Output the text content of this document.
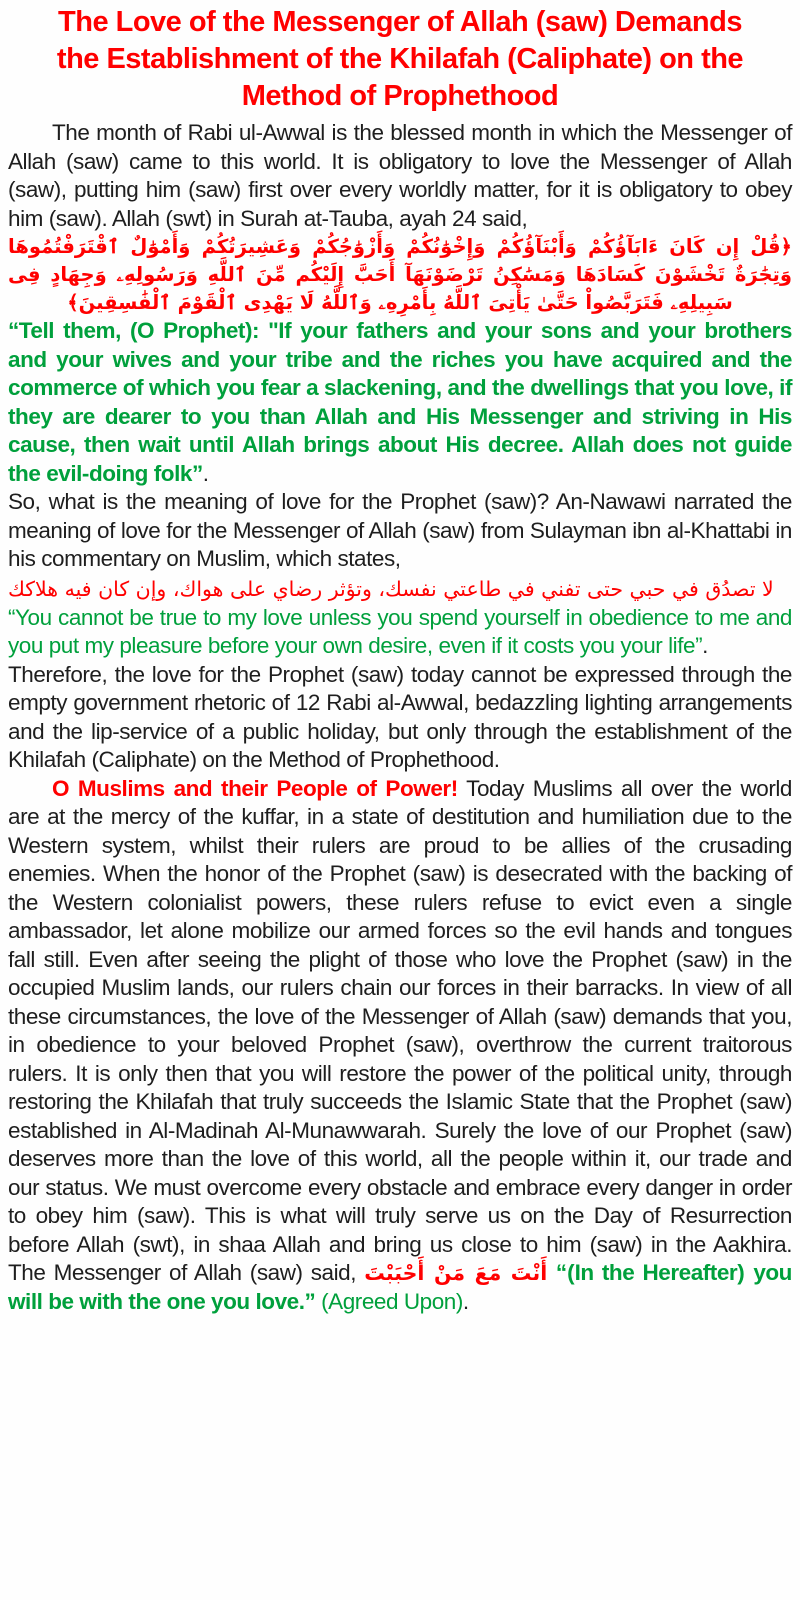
The Love of the Messenger of Allah (saw) Demands the Establishment of the Khilafah (Caliphate) on the Method of Prophethood

The month of Rabi ul-Awwal is the blessed month in which the Messenger of Allah (saw) came to this world. It is obligatory to love the Messenger of Allah (saw), putting him (saw) first over every worldly matter, for it is obligatory to obey him (saw). Allah (swt) in Surah at-Tauba, ayah 24 said,

﴿قُلْ إِن كَانَ ءَابَآؤُكُمْ وَأَبْنَآؤُكُمْ وَإِخْوَٰنُكُمْ وَأَزْوَٰجُكُمْ وَعَشِيرَتُكُمْ وَأَمْوَٰلٌ ٱقْتَرَفْتُمُوهَا وَتِجَٰرَةٌ تَخْشَوْنَ كَسَادَهَا وَمَسَٰكِنُ تَرْضَوْنَهَآ أَحَبَّ إِلَيْكُم مِّنَ ٱللَّهِ وَرَسُولِهِۦ وَجِهَادٍ فِى سَبِيلِهِۦ فَتَرَبَّصُواْ حَتَّىٰ يَأْتِىَ ٱللَّهُ بِأَمْرِهِۦ وَٱللَّهُ لَا يَهْدِى ٱلْقَوْمَ ٱلْفَٰسِقِينَ﴾

“Tell them, (O Prophet): "If your fathers and your sons and your brothers and your wives and your tribe and the riches you have acquired and the commerce of which you fear a slackening, and the dwellings that you love, if they are dearer to you than Allah and His Messenger and striving in His cause, then wait until Allah brings about His decree. Allah does not guide the evil-doing folk”.

So, what is the meaning of love for the Prophet (saw)? An-Nawawi narrated the meaning of love for the Messenger of Allah (saw) from Sulayman ibn al-Khattabi in his commentary on Muslim, which states,

لا تصدُق في حبي حتى تفني في طاعتي نفسك، وتؤثر رضاي على هواك، وإن كان فيه هلاكك

“You cannot be true to my love unless you spend yourself in obedience to me and you put my pleasure before your own desire, even if it costs you your life”.

Therefore, the love for the Prophet (saw) today cannot be expressed through the empty government rhetoric of 12 Rabi al-Awwal, bedazzling lighting arrangements and the lip-service of a public holiday, but only through the establishment of the Khilafah (Caliphate) on the Method of Prophethood.

O Muslims and their People of Power! Today Muslims all over the world are at the mercy of the kuffar, in a state of destitution and humiliation due to the Western system, whilst their rulers are proud to be allies of the crusading enemies. When the honor of the Prophet (saw) is desecrated with the backing of the Western colonialist powers, these rulers refuse to evict even a single ambassador, let alone mobilize our armed forces so the evil hands and tongues fall still. Even after seeing the plight of those who love the Prophet (saw) in the occupied Muslim lands, our rulers chain our forces in their barracks. In view of all these circumstances, the love of the Messenger of Allah (saw) demands that you, in obedience to your beloved Prophet (saw), overthrow the current traitorous rulers. It is only then that you will restore the power of the political unity, through restoring the Khilafah that truly succeeds the Islamic State that the Prophet (saw) established in Al-Madinah Al-Munawwarah. Surely the love of our Prophet (saw) deserves more than the love of this world, all the people within it, our trade and our status. We must overcome every obstacle and embrace every danger in order to obey him (saw). This is what will truly serve us on the Day of Resurrection before Allah (swt), in shaa Allah and bring us close to him (saw) in the Aakhira. The Messenger of Allah (saw) said, أَنْتَ مَعَ مَنْ أَحْبَبْتَ “(In the Hereafter) you will be with the one you love.” (Agreed Upon).
